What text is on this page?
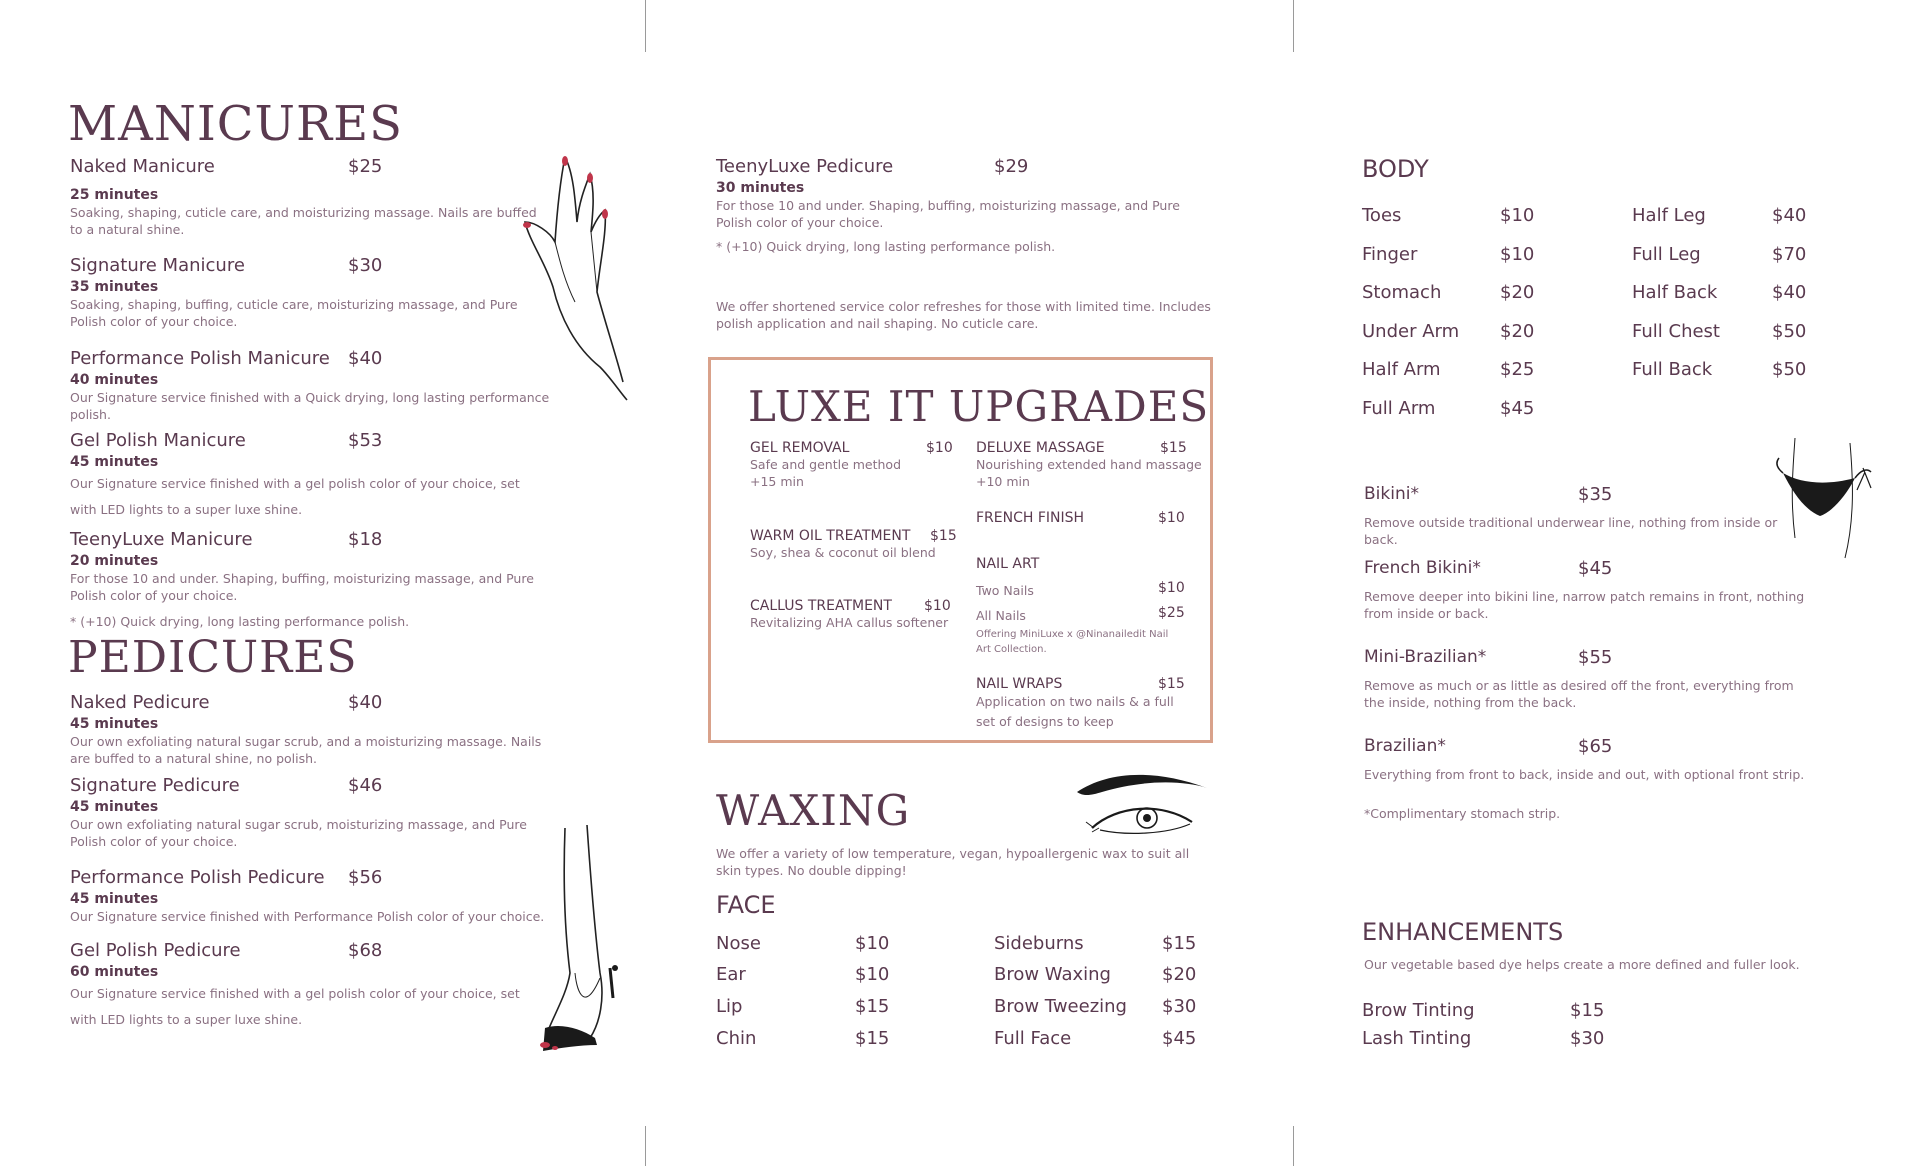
MANICURES
Naked Manicure	$25
25 minutes
Soaking, shaping, cuticle care, and moisturizing massage. Nails are buffed to a natural shine.
Signature Manicure	$30
35 minutes
Soaking, shaping, buffing, cuticle care, moisturizing massage, and Pure Polish color of your choice.
Performance Polish Manicure $40
40 minutes
Our Signature service finished with a Quick drying, long lasting performance polish.
Gel Polish Manicure	$53
45 minutes
Our Signature service finished with a gel polish color of your choice, set with LED lights to a super luxe shine.
TeenyLuxe Manicure	$18
20 minutes
For those 10 and under. Shaping, buffing, moisturizing massage, and Pure Polish color of your choice.
* (+10) Quick drying, long lasting performance polish.
PEDICURES
Naked Pedicure	$40
45 minutes
Our own exfoliating natural sugar scrub, and a moisturizing massage. Nails are buffed to a natural shine, no polish.
Signature Pedicure	$46
45 minutes
Our own exfoliating natural sugar scrub, moisturizing massage, and Pure Polish color of your choice.
Performance Polish Pedicure $56
45 minutes
Our Signature service finished with Performance Polish color of your choice.
Gel Polish Pedicure	$68
60 minutes
Our Signature service finished with a gel polish color of your choice, set with LED lights to a super luxe shine.
TeenyLuxe Pedicure	$29
30 minutes
For those 10 and under. Shaping, buffing, moisturizing massage, and Pure Polish color of your choice.
* (+10) Quick drying, long lasting performance polish.
We offer shortened service color refreshes for those with limited time. Includes polish application and nail shaping. No cuticle care.
LUXE IT UPGRADES
GEL REMOVAL	$10
Safe and gentle method
+15 min
WARM OIL TREATMENT	$15
Soy, shea & coconut oil blend
CALLUS TREATMENT	$10
Revitalizing AHA callus softener
DELUXE MASSAGE	$15
Nourishing extended hand massage
+10 min
FRENCH FINISH	$10
NAIL ART
Two Nails	$10
All Nails	$25
Offering MiniLuxe x @Ninanailedit Nail Art Collection.
NAIL WRAPS	$15
Application on two nails & a full set of designs to keep
WAXING
We offer a variety of low temperature, vegan, hypoallergenic wax to suit all skin types. No double dipping!
FACE
Nose	$10
Ear	$10
Lip	$15
Chin	$15
Sideburns	$15
Brow Waxing	$20
Brow Tweezing $30
Full Face	$45
BODY
Toes	$10
Finger	$10
Stomach	$20
Under Arm $20
Half Arm	$25
Full Arm	$45
Half Leg	$40
Full Leg	$70
Half Back	$40
Full Chest	$50
Full Back	$50
Bikini*	$35
Remove outside traditional underwear line, nothing from inside or back.
French Bikini*	$45
Remove deeper into bikini line, narrow patch remains in front, nothing from inside or back.
Mini-Brazilian*	$55
Remove as much or as little as desired off the front, everything from the inside, nothing from the back.
Brazilian*	$65
Everything from front to back, inside and out, with optional front strip.
*Complimentary stomach strip.
ENHANCEMENTS
Our vegetable based dye helps create a more defined and fuller look.
Brow Tinting	$15
Lash Tinting	$30
